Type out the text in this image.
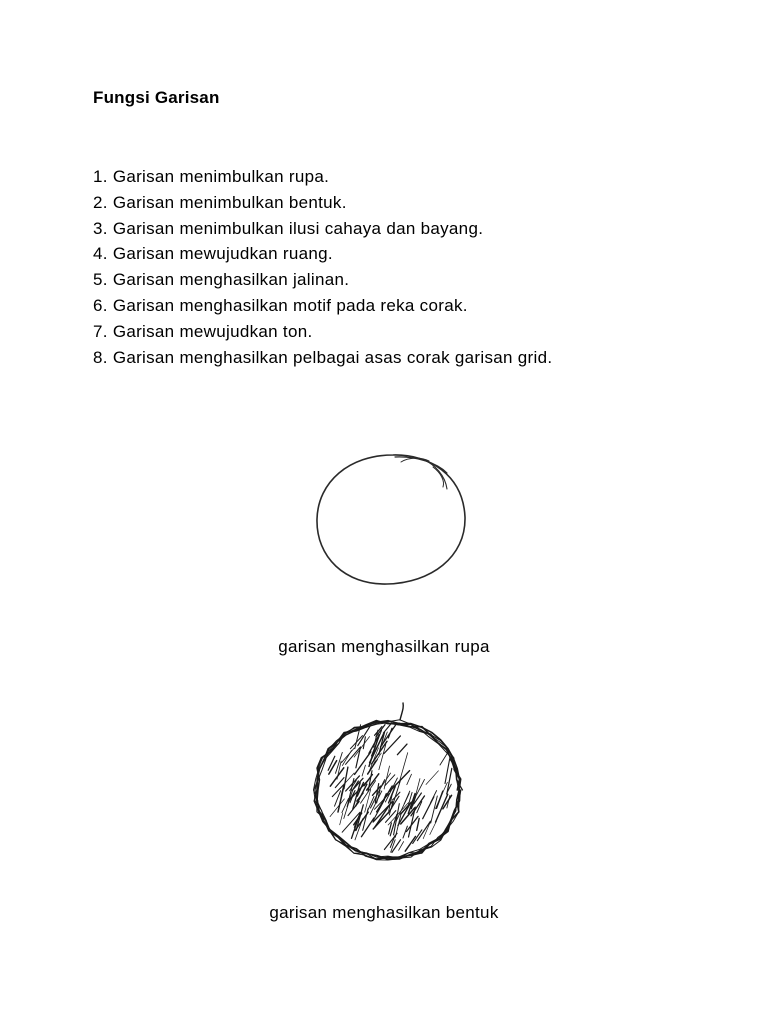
Fungsi Garisan
1. Garisan menimbulkan rupa.
2. Garisan menimbulkan bentuk.
3. Garisan menimbulkan ilusi cahaya dan bayang.
4. Garisan mewujudkan ruang.
5. Garisan menghasilkan jalinan.
6. Garisan menghasilkan motif pada reka corak.
7. Garisan mewujudkan ton.
8. Garisan menghasilkan pelbagai asas corak garisan grid.
garisan menghasilkan rupa
garisan menghasilkan bentuk
